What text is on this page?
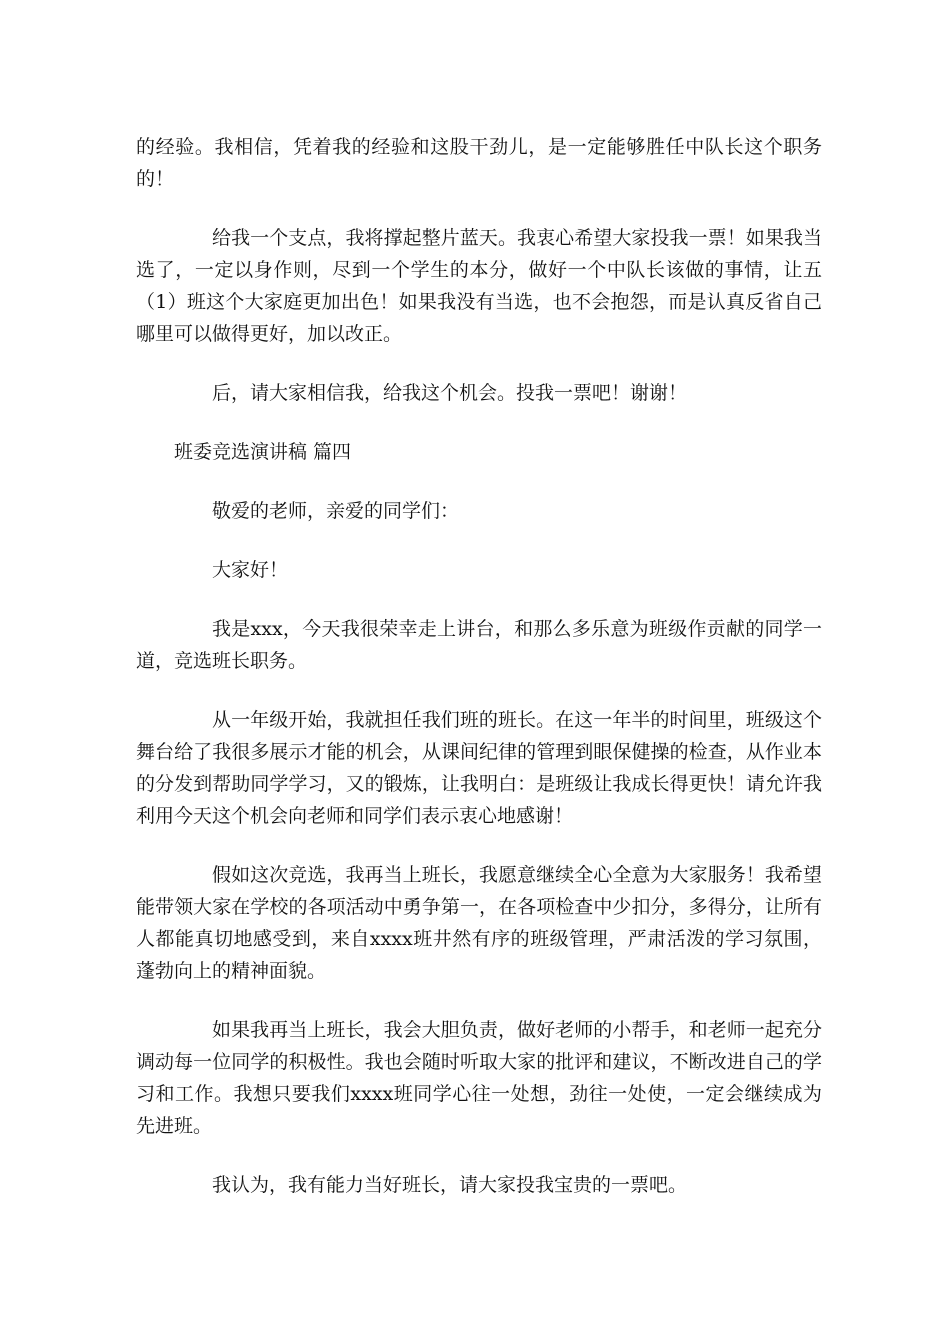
的经验。我相信，凭着我的经验和这股干劲儿，是一定能够胜任中队长这个职务的！

给我一个支点，我将撑起整片蓝天。我衷心希望大家投我一票！如果我当选了，一定以身作则，尽到一个学生的本分，做好一个中队长该做的事情，让五（1）班这个大家庭更加出色！如果我没有当选，也不会抱怨，而是认真反省自己哪里可以做得更好，加以改正。

后，请大家相信我，给我这个机会。投我一票吧！谢谢！

班委竞选演讲稿 篇四

敬爱的老师，亲爱的同学们：

大家好！

我是xxx，今天我很荣幸走上讲台，和那么多乐意为班级作贡献的同学一道，竞选班长职务。

从一年级开始，我就担任我们班的班长。在这一年半的时间里，班级这个舞台给了我很多展示才能的机会，从课间纪律的管理到眼保健操的检查，从作业本的分发到帮助同学学习，又的锻炼，让我明白：是班级让我成长得更快！请允许我利用今天这个机会向老师和同学们表示衷心地感谢！

假如这次竞选，我再当上班长，我愿意继续全心全意为大家服务！我希望能带领大家在学校的各项活动中勇争第一，在各项检查中少扣分，多得分，让所有人都能真切地感受到，来自xxxx班井然有序的班级管理，严肃活泼的学习氛围，蓬勃向上的精神面貌。

如果我再当上班长，我会大胆负责，做好老师的小帮手，和老师一起充分调动每一位同学的积极性。我也会随时听取大家的批评和建议，不断改进自己的学习和工作。我想只要我们xxxx班同学心往一处想，劲往一处使，一定会继续成为先进班。

我认为，我有能力当好班长，请大家投我宝贵的一票吧。
